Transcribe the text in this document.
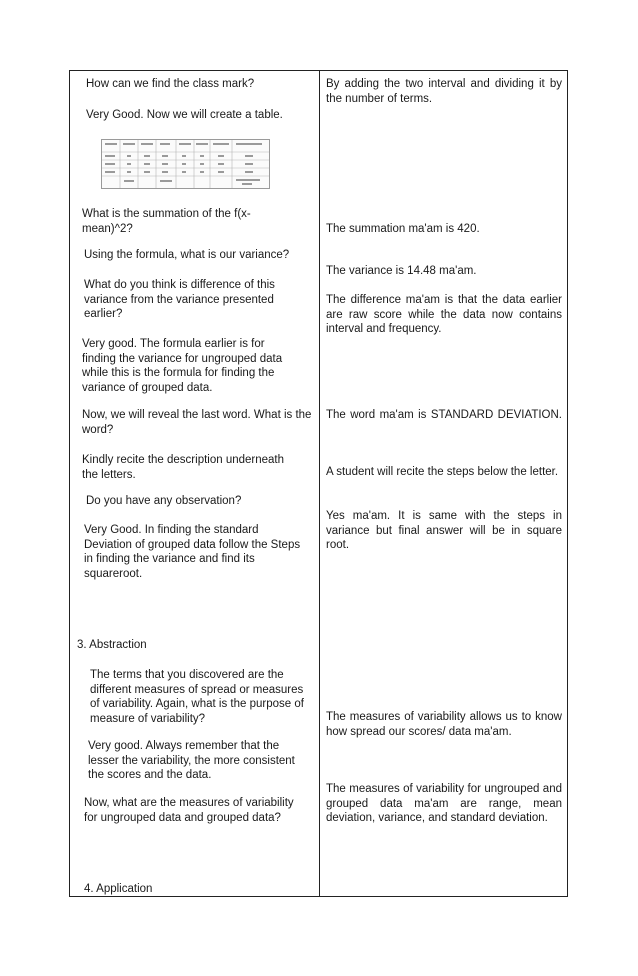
How can we find the class mark?
Very Good. Now we will create a table.
What is the summation of the f(x-mean)^2?
Using the formula, what is our variance?
What do you think is difference of this variance from the variance presented earlier?
Very good. The formula earlier is for finding the variance for ungrouped data while this is the formula for finding the variance of grouped data.
Now, we will reveal the last word. What is the word?
Kindly recite the description underneath the letters.
Do you have any observation?
Very Good. In finding the standard Deviation of grouped data follow the Steps in finding the variance and find its squareroot.
3. Abstraction
The terms that you discovered are the different measures of spread or measures of variability. Again, what is the purpose of measure of variability?
Very good. Always remember that the lesser the variability, the more consistent the scores and the data.
Now, what are the measures of variability for ungrouped data and grouped data?
4. Application
By adding the two interval and dividing it by the number of terms.
The summation ma'am is 420.
The variance is 14.48 ma'am.
The difference ma'am is that the data earlier are raw score while the data now contains interval and frequency.
The word ma'am is STANDARD DEVIATION.
A student will recite the steps below the letter.
Yes ma'am. It is same with the steps in variance but final answer will be in square root.
The measures of variability allows us to know how spread our scores/ data ma'am.
The measures of variability for ungrouped and grouped data ma'am are range, mean deviation, variance, and standard deviation.
